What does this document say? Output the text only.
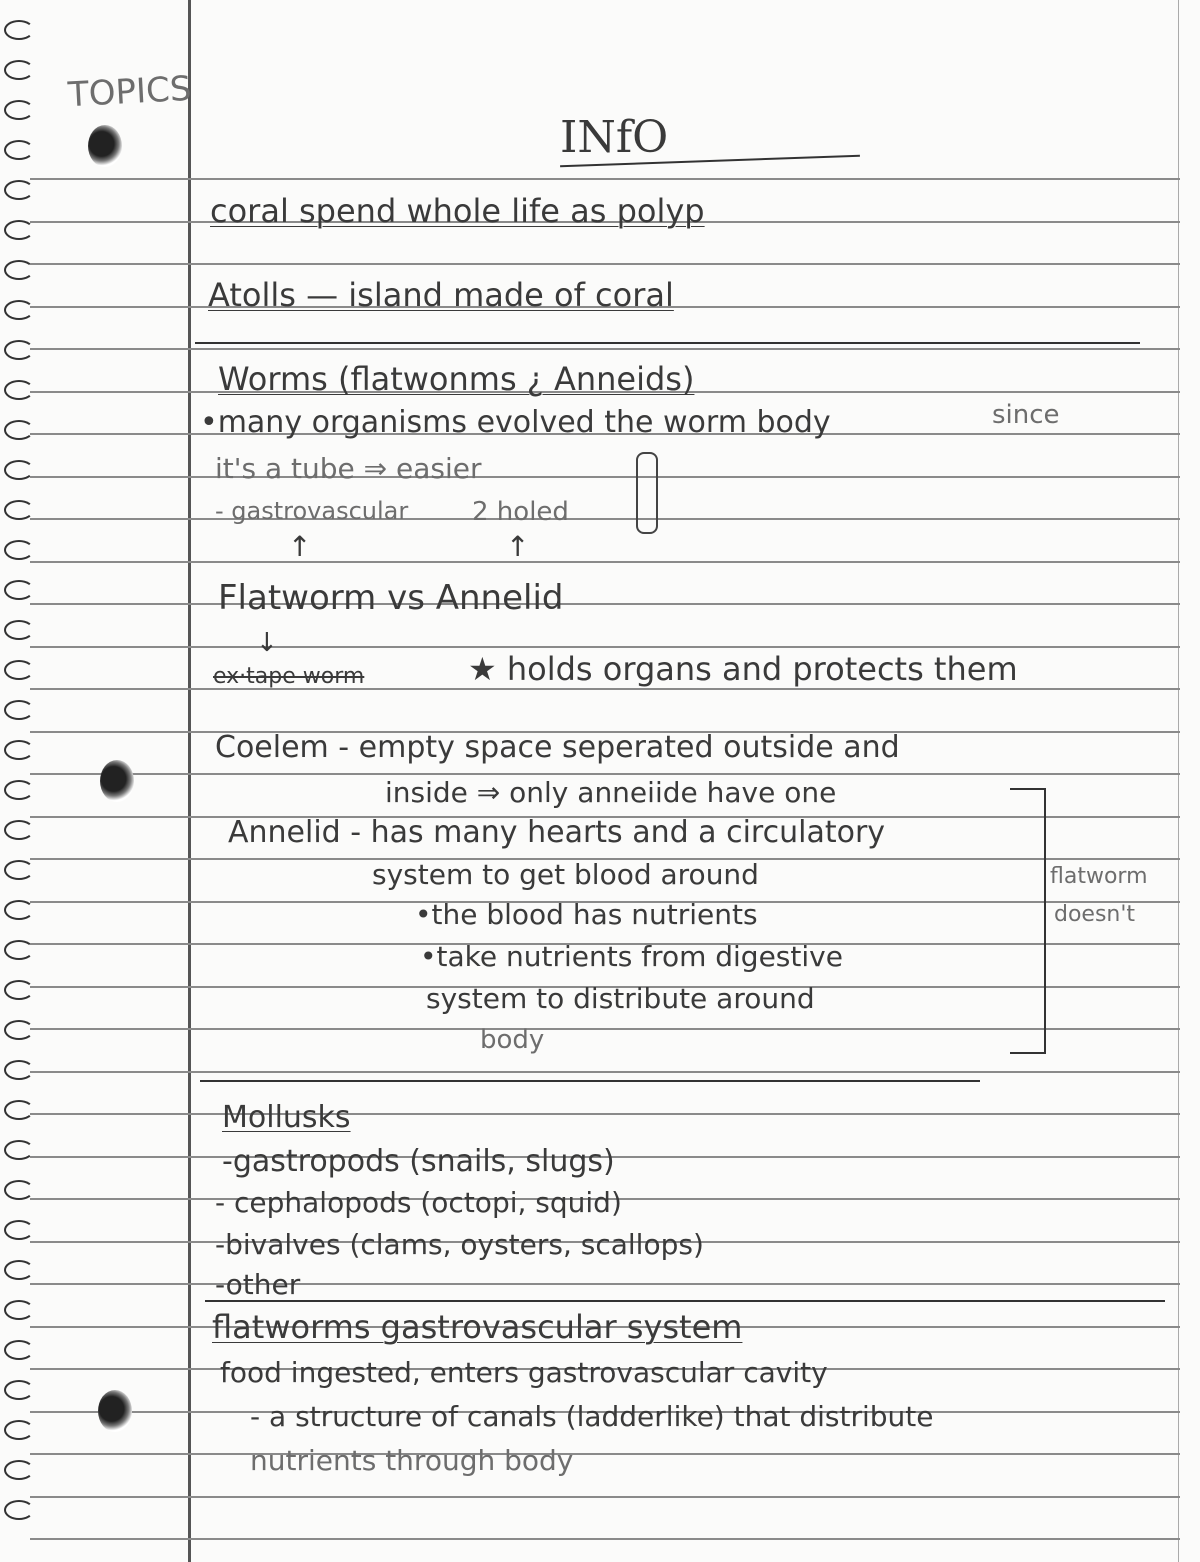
TOPICS
INfO
coral spend whole life as polyp
Atolls — island made of coral
Worms (flatwonms ¿ Anneids)
•many organisms evolved the worm body	since
it's a tube ⇒ easier
- gastrovascular 2 holed
↑	↑
Flatworm vs Annelid
↓
ex·tape worm	★ holds organs and protects them
Coelem - empty space seperated outside and
inside ⇒ only anneiide have one
Annelid - has many hearts and a circulatory
system to get blood around
•the blood has nutrients
•take nutrients from digestive
system to distribute around
body
flatworm
doesn't
Mollusks
-gastropods (snails, slugs)
- cephalopods (octopi, squid)
-bivalves (clams, oysters, scallops)
-other
flatworms gastrovascular system
food ingested, enters gastrovascular cavity
- a structure of canals (ladderlike) that distribute
nutrients through body
